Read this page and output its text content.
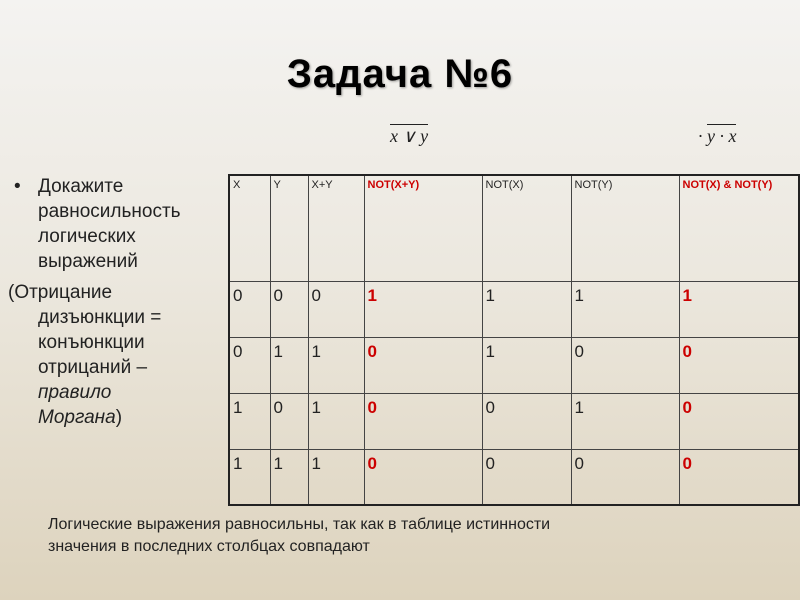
Задача №6
x ∨ y	· y · x
• Докажите
равносильность
логических
выражений
(Отрицание
дизъюнкции =
конъюнкции
отрицаний –
правило
Моргана)
X	Y	X+Y	NOT(X+Y)	NOT(X)	NOT(Y)	NOT(X) & NOT(Y)
0	0	0	1	1	1	1
0	1	1	0	1	0	0
1	0	1	0	0	1	0
1	1	1	0	0	0	0
Логические выражения равносильны, так как в таблице истинности
значения в последних столбцах совпадают
